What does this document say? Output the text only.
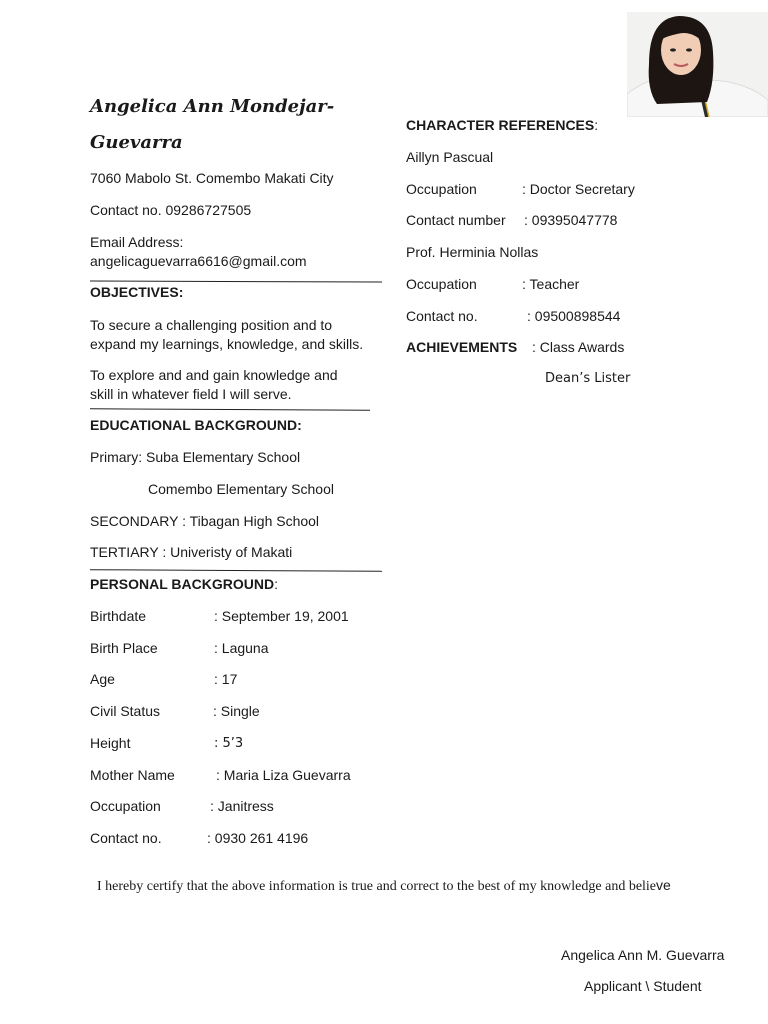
Angelica Ann Mondejar-
Guevarra
7060 Mabolo St. Comembo Makati City
Contact no. 09286727505
Email Address:
angelicaguevarra6616@gmail.com
OBJECTIVES:
To secure a challenging position and to expand my learnings, knowledge, and skills.
To explore and and gain knowledge and skill in whatever field I will serve.
EDUCATIONAL BACKGROUND:
Primary: Suba Elementary School
Comembo Elementary School
SECONDARY : Tibagan High School
TERTIARY : Univeristy of Makati
PERSONAL BACKGROUND:
Birthdate	: September 19, 2001
Birth Place	: Laguna
Age	: 17
Civil Status	: Single
Height	: 5’3
Mother Name	: Maria Liza Guevarra
Occupation	: Janitress
Contact no.	: 0930 261 4196
CHARACTER REFERENCES:
Aillyn Pascual
Occupation	: Doctor Secretary
Contact number : 09395047778
Prof. Herminia Nollas
Occupation	: Teacher
Contact no.	: 09500898544
ACHIEVEMENTS : Class Awards
Dean’s Lister
I hereby certify that the above information is true and correct to the best of my knowledge and believe
Angelica Ann M. Guevarra
Applicant \ Student
